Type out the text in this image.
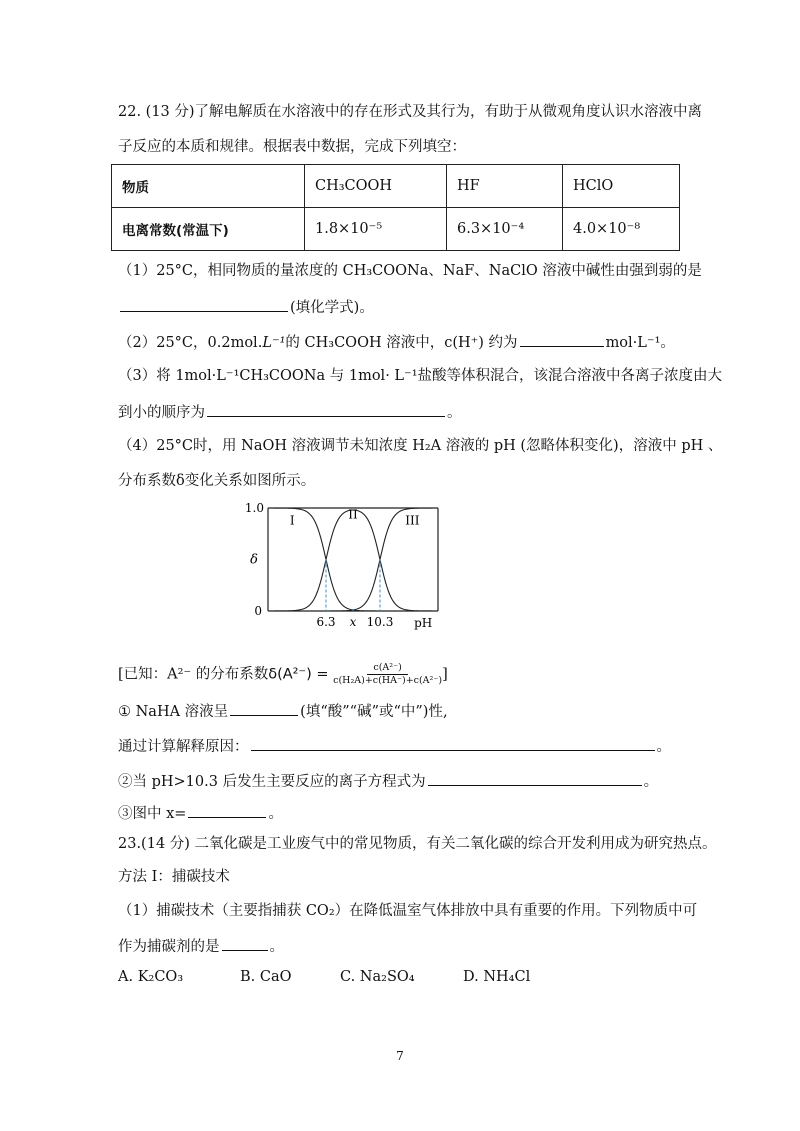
22. (13 分)了解电解质在水溶液中的存在形式及其行为，有助于从微观角度认识水溶液中离
子反应的本质和规律。根据表中数据，完成下列填空：
物质	CH₃COOH	HF	HClO
电离常数(常温下)	1.8×10⁻⁵	6.3×10⁻⁴	4.0×10⁻⁸
（1）25°C，相同物质的量浓度的 CH₃COONa、NaF、NaClO 溶液中碱性由强到弱的是
(填化学式)。
（2）25°C，0.2mol.L⁻¹的 CH₃COOH 溶液中，c(H⁺) 约为	mol·L⁻¹。
（3）将 1mol·L⁻¹CH₃COONa 与 1mol· L⁻¹盐酸等体积混合，该混合溶液中各离子浓度由大
到小的顺序为	。
（4）25°C时，用 NaOH 溶液调节未知浓度 H₂A 溶液的 pH (忽略体积变化)，溶液中 pH 、
分布系数δ变化关系如图所示。
I	II	III
1.0
0
δ
6.3 x 10.3 pH
[已知：A²⁻ 的分布系数$\delta(A^{2-}) = \frac{\text{c(A²⁻)}}{\text{c(H₂A)+c(HA⁻)+c(A²⁻)}}$ ]
① NaHA 溶液呈	(填“酸”“碱”或“中”)性,
通过计算解释原因：	。
②当 pH>10.3 后发生主要反应的离子方程式为	。
③图中 x=	。
23.(14 分) 二氧化碳是工业废气中的常见物质，有关二氧化碳的综合开发利用成为研究热点。
方法 I：捕碳技术
（1）捕碳技术（主要指捕获 CO₂）在降低温室气体排放中具有重要的作用。下列物质中可
作为捕碳剂的是	。
A. K₂CO₃	B. CaO	C. Na₂SO₄	D. NH₄Cl
7
